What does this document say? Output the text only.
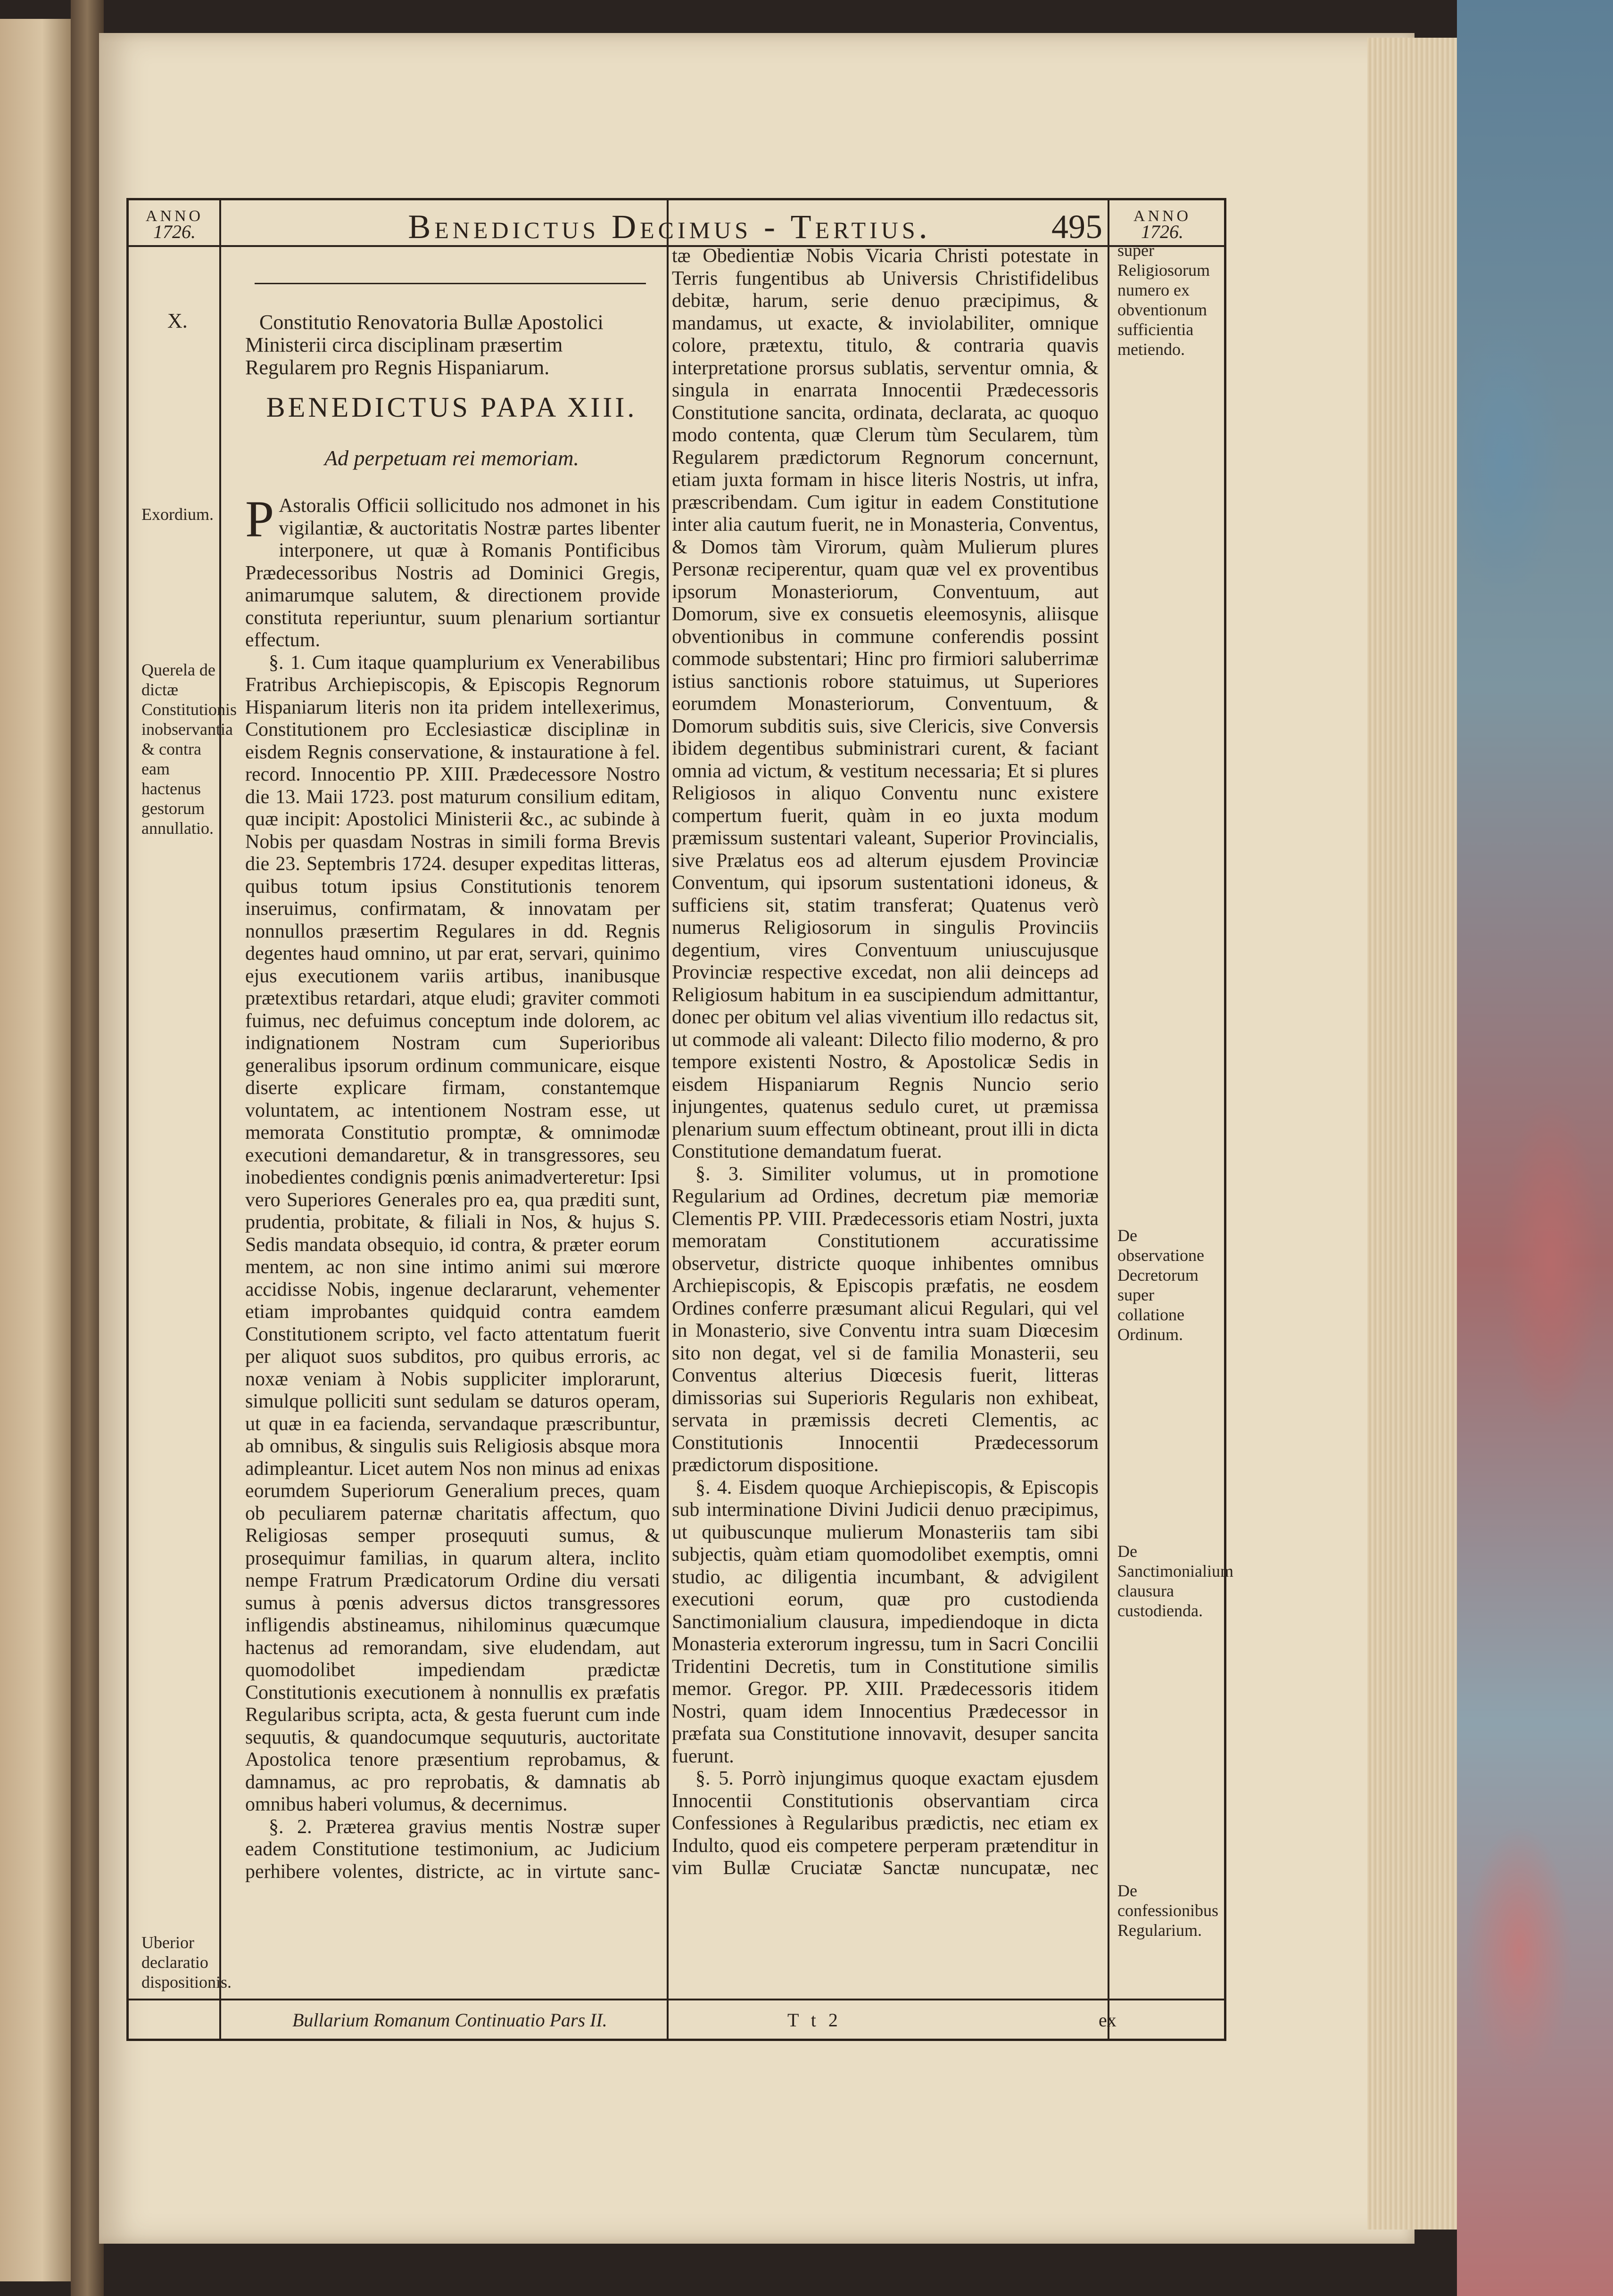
ANNO
1726.	Benedictus Decimus - Tertius.	495	ANNO
1726.
X.
Exordium.
Querela de dictæ Constitutionis inobservantia & contra eam hactenus gestorum annullatio.
Uberior declaratio dispositionis.
super Religiosorum numero ex obventionum sufficientia metiendo.
De observatione Decretorum super collatione Ordinum.
De Sanctimonialium clausura custodienda.
De confessionibus Regularium.
Constitutio Renovatoria Bullæ Apostolici Ministerii circa disciplinam præsertim Regularem pro Regnis Hispaniarum.
BENEDICTUS PAPA XIII.
Ad perpetuam rei memoriam.

P Astoralis Officii sollicitudo nos admonet in his vigilantiæ, & auctoritatis Nostræ partes libenter interponere, ut quæ à Romanis Pontificibus Prædecessoribus Nostris ad Dominici Gregis, animarumque salutem, & directionem provide constituta reperiuntur, suum plenarium sortiantur effectum.

§. 1. Cum itaque quamplurium ex Venerabilibus Fratribus Archiepiscopis, & Episcopis Regnorum Hispaniarum literis non ita pridem intellexerimus, Constitutionem pro Ecclesiasticæ disciplinæ in eisdem Regnis conservatione, & instauratione à fel. record. Innocentio PP. XIII. Prædecessore Nostro die 13. Maii 1723. post maturum consilium editam, quæ incipit: Apostolici Ministerii &c., ac subinde à Nobis per quasdam Nostras in simili forma Brevis die 23. Septembris 1724. desuper expeditas litteras, quibus totum ipsius Constitutionis tenorem inseruimus, confirmatam, & innovatam per nonnullos præsertim Regulares in dd. Regnis degentes haud omnino, ut par erat, servari, quinimo ejus executionem variis artibus, inanibusque prætextibus retardari, atque eludi; graviter commoti fuimus, nec defuimus conceptum inde dolorem, ac indignationem Nostram cum Superioribus generalibus ipsorum ordinum communicare, eisque diserte explicare firmam, constantemque voluntatem, ac intentionem Nostram esse, ut memorata Constitutio promptæ, & omnimodæ executioni demandaretur, & in transgressores, seu inobedientes condignis pœnis animadverteretur: Ipsi vero Superiores Generales pro ea, qua præditi sunt, prudentia, probitate, & filiali in Nos, & hujus S. Sedis mandata obsequio, id contra, & præter eorum mentem, ac non sine intimo animi sui mœrore accidisse Nobis, ingenue declararunt, vehementer etiam improbantes quidquid contra eamdem Constitutionem scripto, vel facto attentatum fuerit per aliquot suos subditos, pro quibus erroris, ac noxæ veniam à Nobis suppliciter implorarunt, simulque polliciti sunt sedulam se daturos operam, ut quæ in ea facienda, servandaque præscribuntur, ab omnibus, & singulis suis Religiosis absque mora adimpleantur. Licet autem Nos non minus ad enixas eorumdem Superiorum Generalium preces, quam ob peculiarem paternæ charitatis affectum, quo Religiosas semper prosequuti sumus, & prosequimur familias, in quarum altera, inclito nempe Fratrum Prædicatorum Ordine diu versati sumus à pœnis adversus dictos transgressores infligendis abstineamus, nihilominus quæcumque hactenus ad remorandam, sive eludendam, aut quomodolibet impediendam prædictæ Constitutionis executionem à nonnullis ex præfatis Regularibus scripta, acta, & gesta fuerunt cum inde sequutis, & quandocumque sequuturis, auctoritate Apostolica tenore præsentium reprobamus, & damnamus, ac pro reprobatis, & damnatis ab omnibus haberi volumus, & decernimus.

§. 2. Præterea gravius mentis Nostræ super eadem Constitutione testimonium, ac Judicium perhibere volentes, districte, ac in virtute sanc-

tæ Obedientiæ Nobis Vicaria Christi potestate in Terris fungentibus ab Universis Christifidelibus debitæ, harum, serie denuo præcipimus, & mandamus, ut exacte, & inviolabiliter, omnique colore, prætextu, titulo, & contraria quavis interpretatione prorsus sublatis, serventur omnia, & singula in enarrata Innocentii Prædecessoris Constitutione sancita, ordinata, declarata, ac quoquo modo contenta, quæ Clerum tùm Secularem, tùm Regularem prædictorum Regnorum concernunt, etiam juxta formam in hisce literis Nostris, ut infra, præscribendam. Cum igitur in eadem Constitutione inter alia cautum fuerit, ne in Monasteria, Conventus, & Domos tàm Virorum, quàm Mulierum plures Personæ reciperentur, quam quæ vel ex proventibus ipsorum Monasteriorum, Conventuum, aut Domorum, sive ex consuetis eleemosynis, aliisque obventionibus in commune conferendis possint commode substentari; Hinc pro firmiori saluberrimæ istius sanctionis robore statuimus, ut Superiores eorumdem Monasteriorum, Conventuum, & Domorum subditis suis, sive Clericis, sive Conversis ibidem degentibus subministrari curent, & faciant omnia ad victum, & vestitum necessaria; Et si plures Religiosos in aliquo Conventu nunc existere compertum fuerit, quàm in eo juxta modum præmissum sustentari valeant, Superior Provincialis, sive Prælatus eos ad alterum ejusdem Provinciæ Conventum, qui ipsorum sustentationi idoneus, & sufficiens sit, statim transferat; Quatenus verò numerus Religiosorum in singulis Provinciis degentium, vires Conventuum uniuscujusque Provinciæ respective excedat, non alii deinceps ad Religiosum habitum in ea suscipiendum admittantur, donec per obitum vel alias viventium illo redactus sit, ut commode ali valeant: Dilecto filio moderno, & pro tempore existenti Nostro, & Apostolicæ Sedis in eisdem Hispaniarum Regnis Nuncio serio injungentes, quatenus sedulo curet, ut præmissa plenarium suum effectum obtineant, prout illi in dicta Constitutione demandatum fuerat.

§. 3. Similiter volumus, ut in promotione Regularium ad Ordines, decretum piæ memoriæ Clementis PP. VIII. Prædecessoris etiam Nostri, juxta memoratam Constitutionem accuratissime observetur, districte quoque inhibentes omnibus Archiepiscopis, & Episcopis præfatis, ne eosdem Ordines conferre præsumant alicui Regulari, qui vel in Monasterio, sive Conventu intra suam Diœcesim sito non degat, vel si de familia Monasterii, seu Conventus alterius Diœcesis fuerit, litteras dimissorias sui Superioris Regularis non exhibeat, servata in præmissis decreti Clementis, ac Constitutionis Innocentii Prædecessorum prædictorum dispositione.

§. 4. Eisdem quoque Archiepiscopis, & Episcopis sub interminatione Divini Judicii denuo præcipimus, ut quibuscunque mulierum Monasteriis tam sibi subjectis, quàm etiam quomodolibet exemptis, omni studio, ac diligentia incumbant, & advigilent executioni eorum, quæ pro custodienda Sanctimonialium clausura, impediendoque in dicta Monasteria exterorum ingressu, tum in Sacri Concilii Tridentini Decretis, tum in Constitutione similis memor. Gregor. PP. XIII. Prædecessoris itidem Nostri, quam idem Innocentius Prædecessor in præfata sua Constitutione innovavit, desuper sancita fuerunt.

§. 5. Porrò injungimus quoque exactam ejusdem Innocentii Constitutionis observantiam circa Confessiones à Regularibus prædictis, nec etiam ex Indulto, quod eis competere perperam prætenditur in vim Bullæ Cruciatæ Sanctæ nuncupatæ, nec

Bullarium Romanum Continuatio Pars II.	T t 2	ex
